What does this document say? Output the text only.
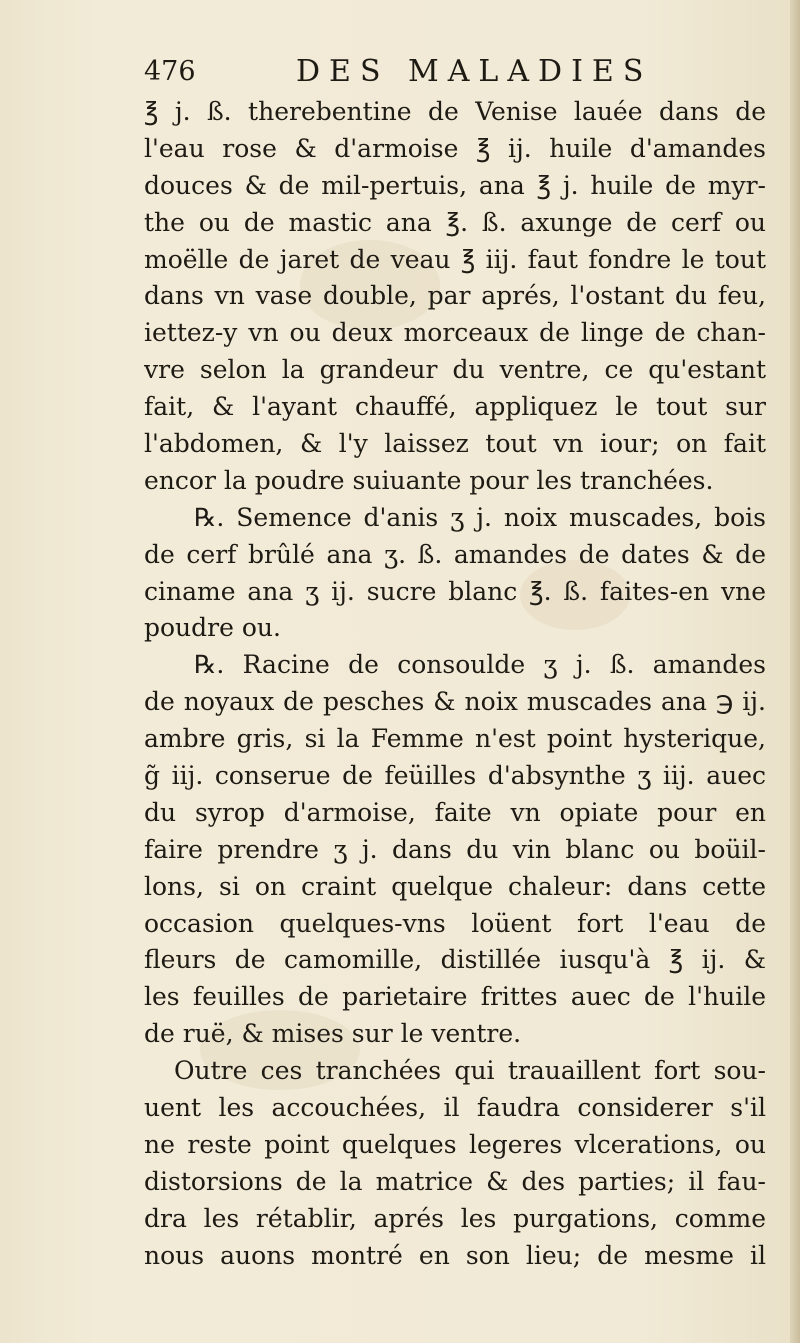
476	DES MALADIES
℥ j. ß. therebentine de Venise lauée dans de
l'eau rose & d'armoise ℥ ij. huile d'amandes
douces & de mil-pertuis, ana ℥ j. huile de myr-
the ou de mastic ana ℥. ß. axunge de cerf ou
moëlle de jaret de veau ℥ iij. faut fondre le tout
dans vn vase double, par aprés, l'ostant du feu,
iettez-y vn ou deux morceaux de linge de chan-
vre selon la grandeur du ventre, ce qu'estant
fait, & l'ayant chauffé, appliquez le tout sur
l'abdomen, & l'y laissez tout vn iour; on fait
encor la poudre suiuante pour les tranchées.
℞. Semence d'anis ʒ j. noix muscades, bois
de cerf brûlé ana ʒ. ß. amandes de dates & de
ciname ana ʒ ij. sucre blanc ℥. ß. faites-en vne
poudre ou.
℞. Racine de consoulde ʒ j. ß. amandes
de noyaux de pesches & noix muscades ana ℈ ij.
ambre gris, si la Femme n'est point hysterique,
g̃ iij. conserue de feüilles d'absynthe ʒ iij. auec
du syrop d'armoise, faite vn opiate pour en
faire prendre ʒ j. dans du vin blanc ou boüil-
lons, si on craint quelque chaleur: dans cette
occasion quelques-vns loüent fort l'eau de
fleurs de camomille, distillée iusqu'à ℥ ij. &
les feuilles de parietaire frittes auec de l'huile
de ruë, & mises sur le ventre.
Outre ces tranchées qui trauaillent fort sou-
uent les accouchées, il faudra considerer s'il
ne reste point quelques legeres vlcerations, ou
distorsions de la matrice & des parties; il fau-
dra les rétablir, aprés les purgations, comme
nous auons montré en son lieu; de mesme il
